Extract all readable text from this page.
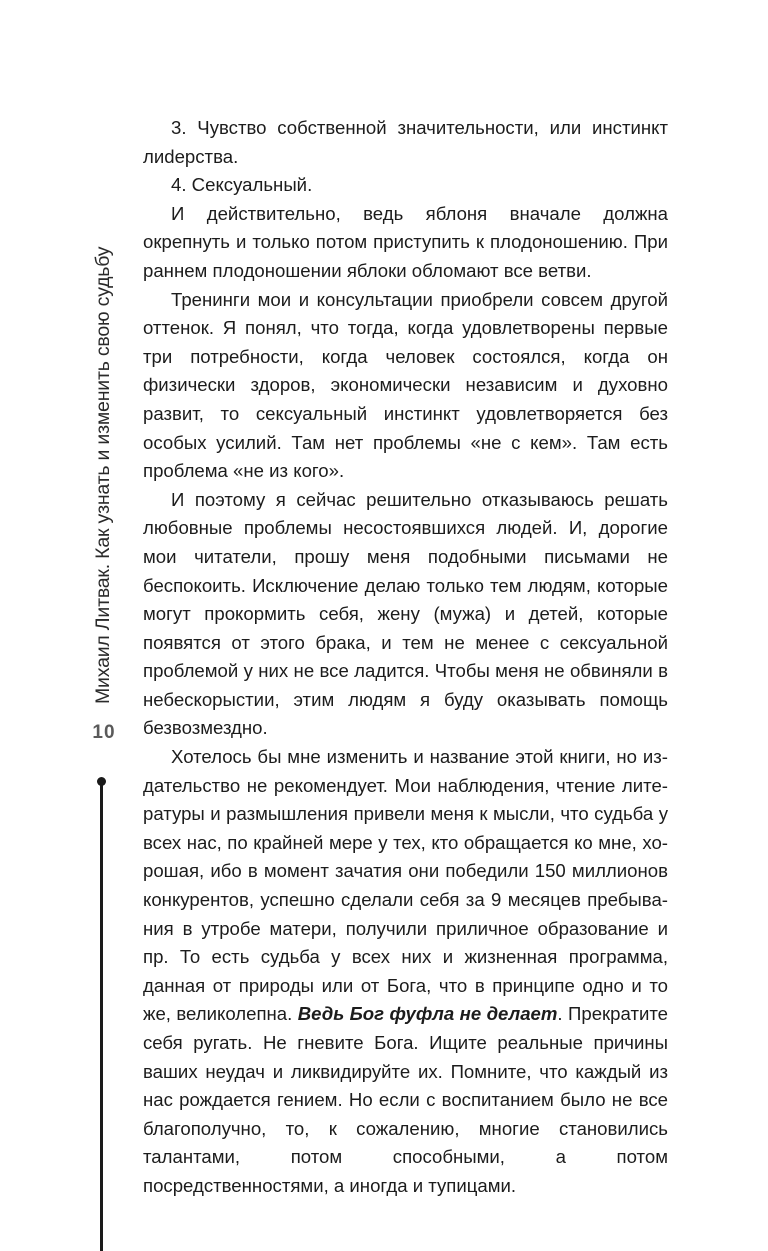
Михаил Литвак. Как узнать и изменить свою судьбу
10

3. Чувство собственной значительности, или инстинкт лиdерства.

4. Сексуальный.

И действительно, ведь яблоня вначале должна окрепнуть и только потом приступить к плодоношению. При раннем плодоношении яблоки обломают все ветви.

Тренинги мои и консультации приобрели совсем другой оттенок. Я понял, что тогда, когда удовлетворены первые три потребности, когда человек состоялся, когда он физически здоров, экономически независим и духовно развит, то сексуальный инстинкт удовлетворяется без особых усилий. Там нет проблемы «не с кем». Там есть проблема «не из кого».

И поэтому я сейчас решительно отказываюсь решать любовные проблемы несостоявшихся людей. И, дорогие мои читатели, прошу меня подобными письмами не беспокоить. Исключение делаю только тем людям, которые могут прокормить себя, жену (мужа) и детей, которые появятся от этого брака, и тем не менее с сексуальной проблемой у них не все ладится. Чтобы меня не обвиняли в небескорыстии, этим людям я буду оказывать помощь безвозмездно.

Хотелось бы мне изменить и название этой книги, но издательство не рекомендует. Мои наблюдения, чтение литературы и размышления привели меня к мысли, что судьба у всех нас, по крайней мере у тех, кто обращается ко мне, хорошая, ибо в момент зачатия они победили 150 миллионов конкурентов, успешно сделали себя за 9 месяцев пребывания в утробе матери, получили приличное образование и пр. То есть судьба у всех них и жизненная программа, данная от природы или от Бога, что в принципе одно и то же, великолепна. Ведь Бог фуфла не делает. Прекратите себя ругать. Не гневите Бога. Ищите реальные причины ваших неудач и ликвидируйте их. Помните, что каждый из нас рождается гением. Но если с воспитанием было не все благополучно, то, к сожалению, многие становились талантами, потом способными, а потом посредственностями, а иногда и тупицами.
